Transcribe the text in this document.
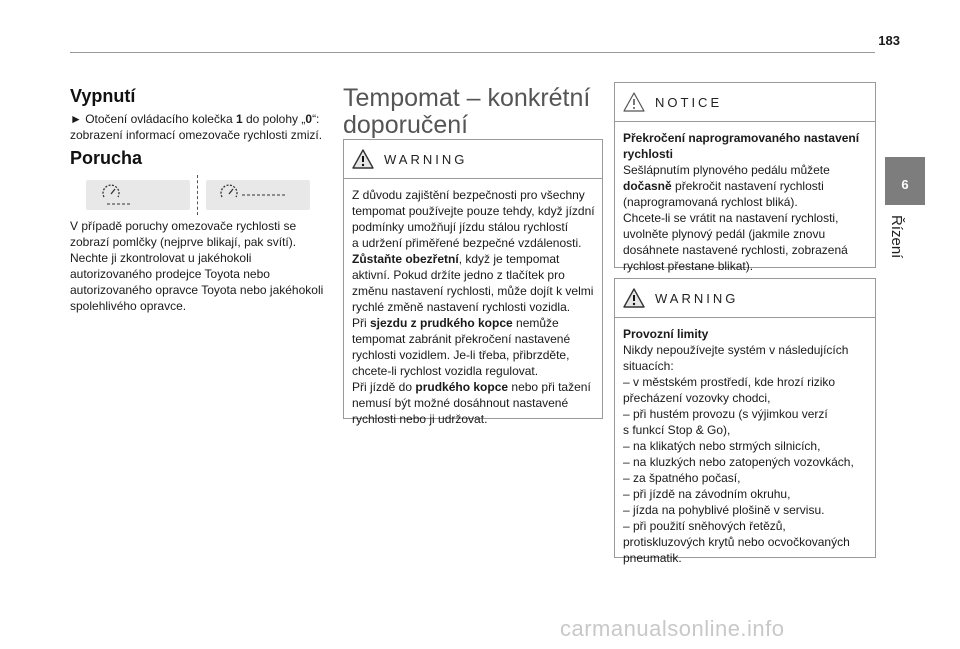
183
6
Řízení
Vypnutí
► Otočení ovládacího kolečka 1 do polohy „0“:
zobrazení informací omezovače rychlosti zmizí.
Porucha
V případě poruchy omezovače rychlosti se
zobrazí pomlčky (nejprve blikají, pak svítí).
Nechte ji zkontrolovat u jakéhokoli
autorizovaného prodejce Toyota nebo
autorizovaného opravce Toyota nebo jakéhokoli
spolehlivého opravce.
Tempomat – konkrétní
doporučení
WARNING

Z důvodu zajištění bezpečnosti pro všechny

tempomat používejte pouze tehdy, když jízdní

podmínky umožňují jízdu stálou rychlostí

a udržení přiměřené bezpečné vzdálenosti.

Zůstaňte obezřetní, když je tempomat

aktivní. Pokud držíte jedno z tlačítek pro

změnu nastavení rychlosti, může dojít k velmi

rychlé změně nastavení rychlosti vozidla.

Při sjezdu z prudkého kopce nemůže

tempomat zabránit překročení nastavené

rychlosti vozidlem. Je-li třeba, přibrzděte,

chcete-li rychlost vozidla regulovat.

Při jízdě do prudkého kopce nebo při tažení

nemusí být možné dosáhnout nastavené

rychlosti nebo ji udržovat.

NOTICE

Překročení naprogramovaného nastavení

rychlosti

Sešlápnutím plynového pedálu můžete

dočasně překročit nastavení rychlosti

(naprogramovaná rychlost bliká).

Chcete-li se vrátit na nastavení rychlosti,

uvolněte plynový pedál (jakmile znovu

dosáhnete nastavené rychlosti, zobrazená

rychlost přestane blikat).

WARNING

Provozní limity

Nikdy nepoužívejte systém v následujících

situacích:

– v městském prostředí, kde hrozí riziko

přecházení vozovky chodci,

– při hustém provozu (s výjimkou verzí

s funkcí Stop & Go),

– na klikatých nebo strmých silnicích,

– na kluzkých nebo zatopených vozovkách,

– za špatného počasí,

– při jízdě na závodním okruhu,

– jízda na pohyblivé plošině v servisu.

– při použití sněhových řetězů,

protiskluzových krytů nebo ocvočkovaných

pneumatik.

carmanualsonline.info
